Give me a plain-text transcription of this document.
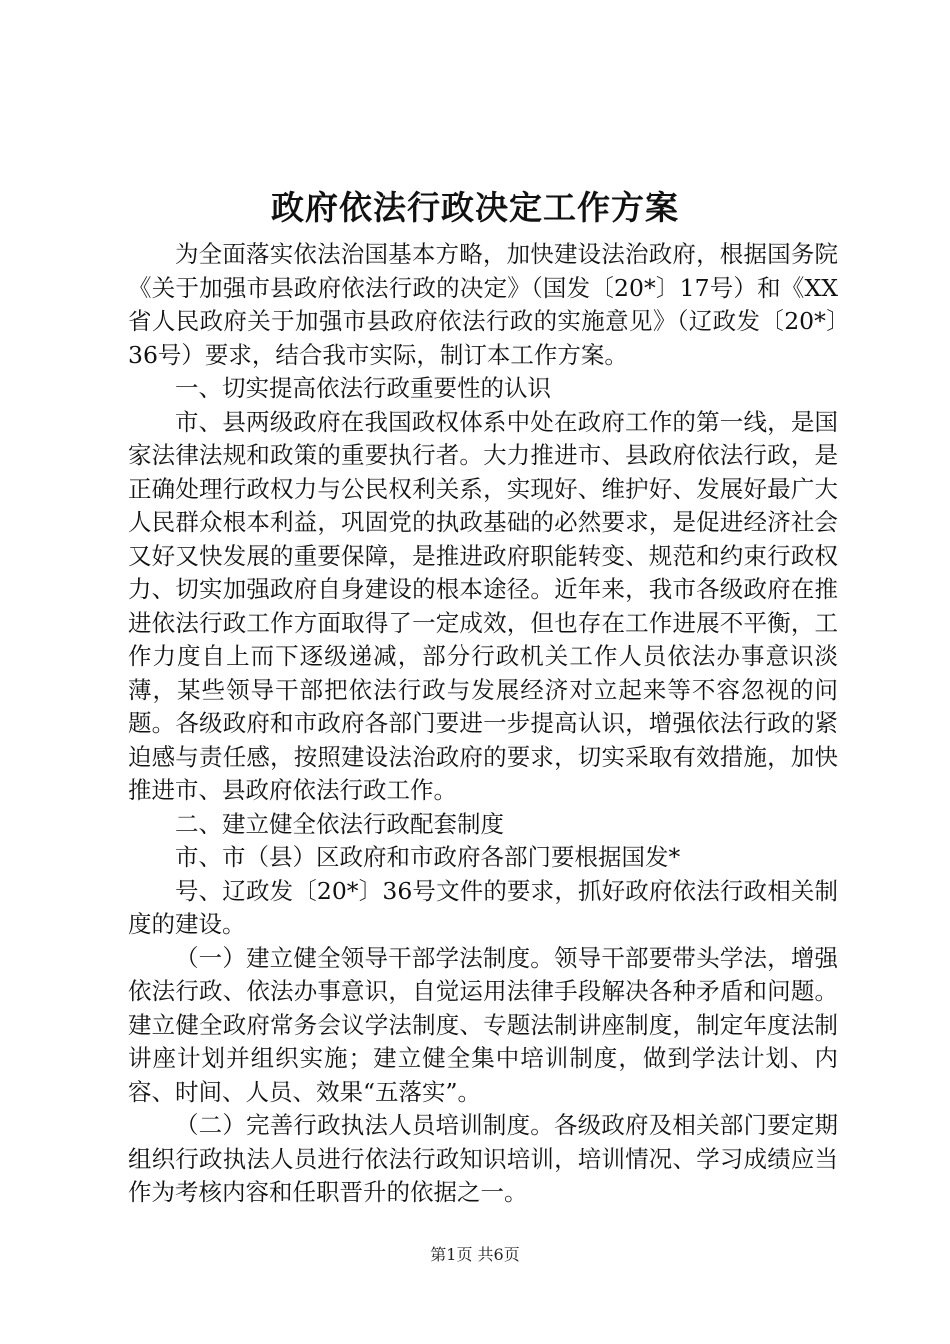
政府依法行政决定工作方案

为全面落实依法治国基本方略，加快建设法治政府，根据国务院《关于加强市县政府依法行政的决定》（国发〔20*〕17号）和《XX省人民政府关于加强市县政府依法行政的实施意见》（辽政发〔20*〕36号）要求，结合我市实际，制订本工作方案。

一、切实提高依法行政重要性的认识

市、县两级政府在我国政权体系中处在政府工作的第一线，是国家法律法规和政策的重要执行者。大力推进市、县政府依法行政，是正确处理行政权力与公民权利关系，实现好、维护好、发展好最广大人民群众根本利益，巩固党的执政基础的必然要求，是促进经济社会又好又快发展的重要保障，是推进政府职能转变、规范和约束行政权力、切实加强政府自身建设的根本途径。近年来，我市各级政府在推进依法行政工作方面取得了一定成效，但也存在工作进展不平衡，工作力度自上而下逐级递减，部分行政机关工作人员依法办事意识淡薄，某些领导干部把依法行政与发展经济对立起来等不容忽视的问题。各级政府和市政府各部门要进一步提高认识，增强依法行政的紧迫感与责任感，按照建设法治政府的要求，切实采取有效措施，加快推进市、县政府依法行政工作。

二、建立健全依法行政配套制度

市、市（县）区政府和市政府各部门要根据国发*

号、辽政发〔20*〕36号文件的要求，抓好政府依法行政相关制度的建设。

（一）建立健全领导干部学法制度。领导干部要带头学法，增强依法行政、依法办事意识，自觉运用法律手段解决各种矛盾和问题。建立健全政府常务会议学法制度、专题法制讲座制度，制定年度法制讲座计划并组织实施；建立健全集中培训制度，做到学法计划、内容、时间、人员、效果“五落实”。

（二）完善行政执法人员培训制度。各级政府及相关部门要定期组织行政执法人员进行依法行政知识培训，培训情况、学习成绩应当作为考核内容和任职晋升的依据之一。

第1页 共6页
